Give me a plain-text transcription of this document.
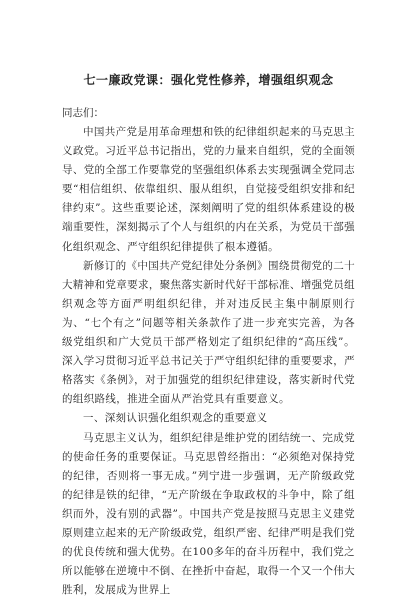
七一廉政党课：强化党性修养，增强组织观念

同志们：

中国共产党是用革命理想和铁的纪律组织起来的马克思主义政党。习近平总书记指出，党的力量来自组织，党的全面领导、党的全部工作要靠党的坚强组织体系去实现强调全党同志要“相信组织、依靠组织、服从组织，自觉接受组织安排和纪律约束”。这些重要论述，深刻阐明了党的组织体系建设的极端重要性，深刻揭示了个人与组织的内在关系，为党员干部强化组织观念、严守组织纪律提供了根本遵循。

新修订的《中国共产党纪律处分条例》围绕贯彻党的二十大精神和党章要求，聚焦落实新时代好干部标准、增强党员组织观念等方面严明组织纪律，并对违反民主集中制原则行为、“七个有之”问题等相关条款作了进一步充实完善，为各级党组织和广大党员干部严格划定了组织纪律的“高压线”。深入学习贯彻习近平总书记关于严守组织纪律的重要要求，严格落实《条例》，对于加强党的组织纪律建设，落实新时代党的组织路线，推进全面从严治党具有重要意义。

一、深刻认识强化组织观念的重要意义

马克思主义认为，组织纪律是维护党的团结统一、完成党的使命任务的重要保证。马克思曾经指出：“必须绝对保持党的纪律，否则将一事无成。”列宁进一步强调，无产阶级政党的纪律是铁的纪律，“无产阶级在争取政权的斗争中，除了组织而外，没有别的武器”。中国共产党是按照马克思主义建党原则建立起来的无产阶级政党，组织严密、纪律严明是我们党的优良传统和强大优势。在100多年的奋斗历程中，我们党之所以能够在逆境中不倒、在挫折中奋起，取得一个又一个伟大胜利，发展成为世界上
